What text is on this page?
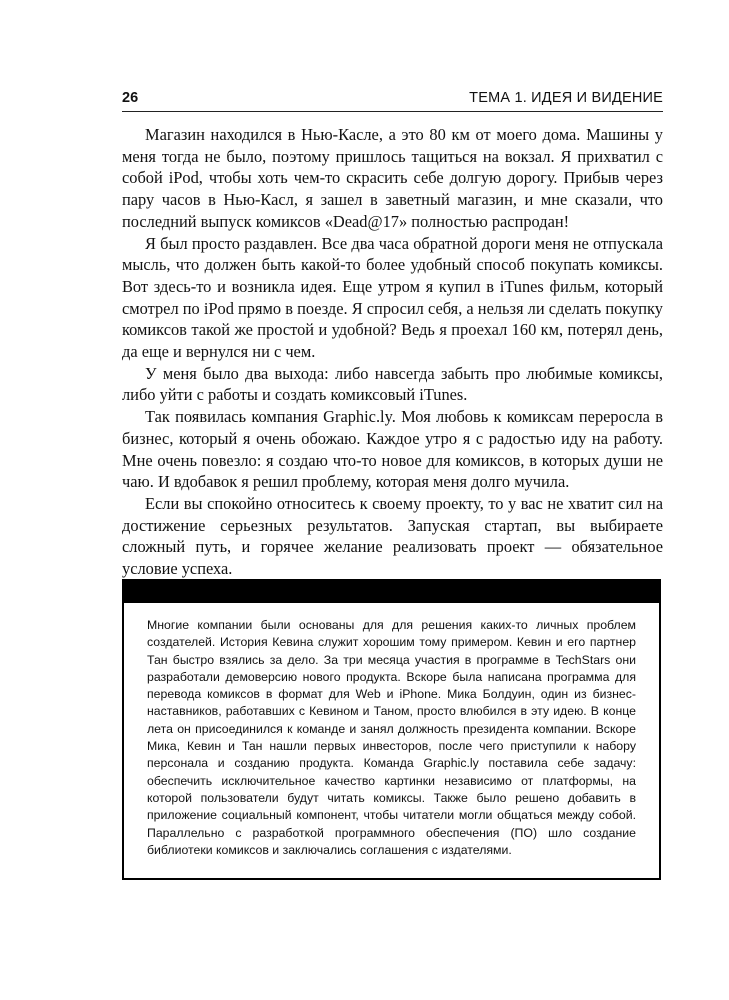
26	ТЕМА 1. ИДЕЯ И ВИДЕНИЕ

Магазин находился в Нью-Касле, а это 80 км от моего дома. Машины у меня тогда не было, поэтому пришлось тащиться на вокзал. Я прихватил с собой iPod, чтобы хоть чем-то скрасить себе долгую дорогу. Прибыв через пару часов в Нью-Касл, я зашел в заветный магазин, и мне сказали, что последний выпуск комиксов «Dead@17» полностью распродан!

Я был просто раздавлен. Все два часа обратной дороги меня не отпускала мысль, что должен быть какой-то более удобный способ покупать комиксы. Вот здесь-то и возникла идея. Еще утром я купил в iTunes фильм, который смотрел по iPod прямо в поезде. Я спросил себя, а нельзя ли сделать покупку комиксов такой же простой и удобной? Ведь я проехал 160 км, потерял день, да еще и вернулся ни с чем.

У меня было два выхода: либо навсегда забыть про любимые комиксы, либо уйти с работы и создать комиксовый iTunes.

Так появилась компания Graphic.ly. Моя любовь к комиксам переросла в бизнес, который я очень обожаю. Каждое утро я с радостью иду на работу. Мне очень повезло: я создаю что-то новое для комиксов, в которых души не чаю. И вдобавок я решил проблему, которая меня долго мучила.

Если вы спокойно относитесь к своему проекту, то у вас не хватит сил на достижение серьезных результатов. Запуская стартап, вы выбираете сложный путь, и горячее желание реализовать проект — обязательное условие успеха.

Многие компании были основаны для для решения каких-то личных проблем создателей. История Кевина служит хорошим тому примером. Кевин и его партнер Тан быстро взялись за дело. За три месяца участия в программе в TechStars они разработали демоверсию нового продукта. Вскоре была написана программа для перевода комиксов в формат для Web и iPhone. Мика Болдуин, один из бизнес-наставников, работавших с Кевином и Таном, просто влюбился в эту идею. В конце лета он присоединился к команде и занял должность президента компании. Вскоре Мика, Кевин и Тан нашли первых инвесторов, после чего приступили к набору персонала и созданию продукта. Команда Graphic.ly поставила себе задачу: обеспечить исключительное качество картинки независимо от платформы, на которой пользователи будут читать комиксы. Также было решено добавить в приложение социальный компонент, чтобы читатели могли общаться между собой. Параллельно с разработкой программного обеспечения (ПО) шло создание библиотеки комиксов и заключались соглашения с издателями.
